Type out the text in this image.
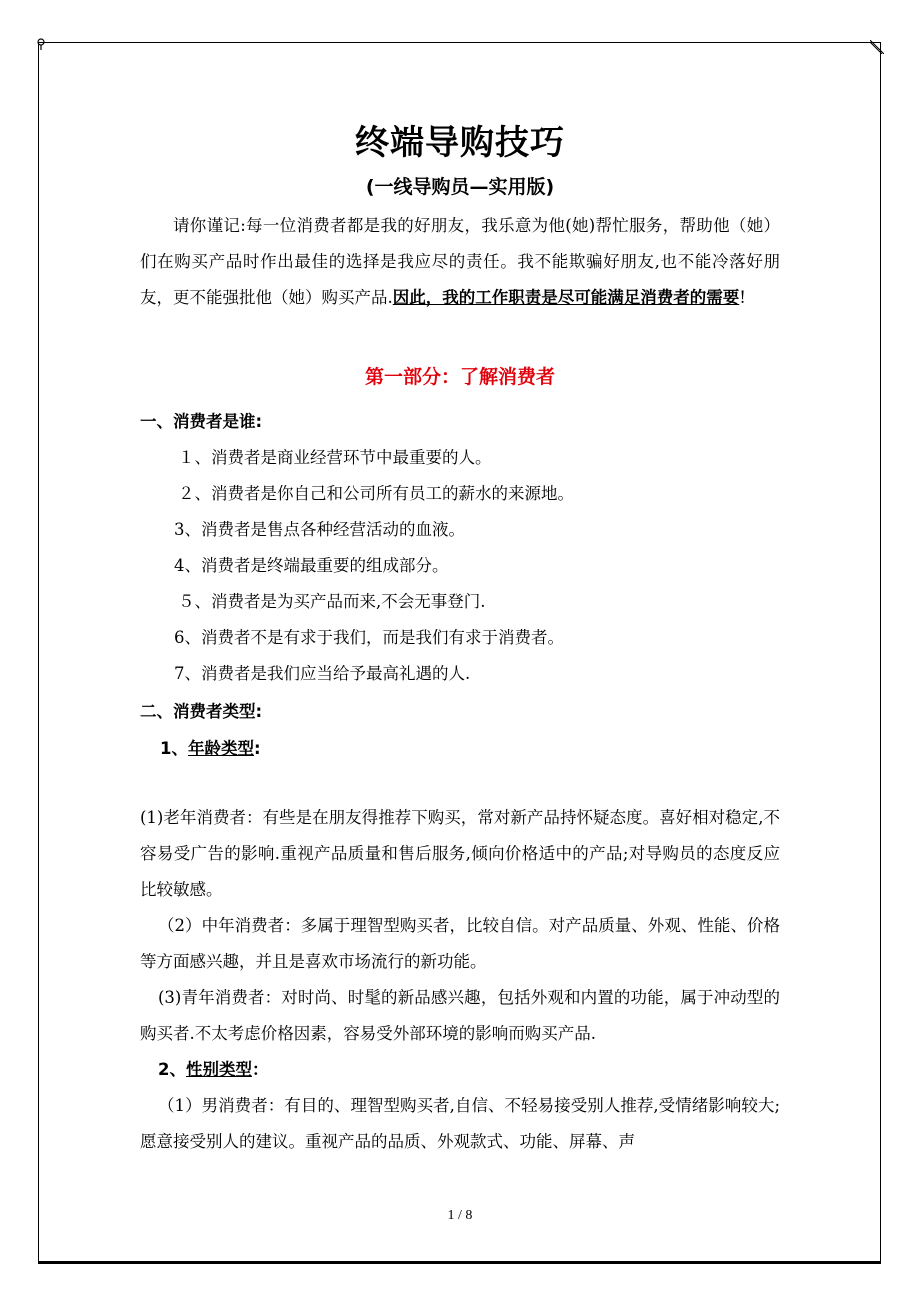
终端导购技巧
(一线导购员—实用版)
请你谨记:每一位消费者都是我的好朋友，我乐意为他(她)帮忙服务，帮助他（她）们在购买产品时作出最佳的选择是我应尽的责任。我不能欺骗好朋友,也不能冷落好朋友，更不能强批他（她）购买产品.因此，我的工作职责是尽可能满足消费者的需要!
第一部分：了解消费者
一、消费者是谁:
１、消费者是商业经营环节中最重要的人。
２、消费者是你自己和公司所有员工的薪水的来源地。
3、消费者是售点各种经营活动的血液。
4、消费者是终端最重要的组成部分。
５、消费者是为买产品而来,不会无事登门.
6、消费者不是有求于我们，而是我们有求于消费者。
7、消费者是我们应当给予最高礼遇的人.
二、消费者类型:
1、年龄类型:
(1)老年消费者：有些是在朋友得推荐下购买，常对新产品持怀疑态度。喜好相对稳定,不容易受广告的影响.重视产品质量和售后服务,倾向价格适中的产品;对导购员的态度反应比较敏感。
（2）中年消费者：多属于理智型购买者，比较自信。对产品质量、外观、性能、价格等方面感兴趣，并且是喜欢市场流行的新功能。
(3)青年消费者：对时尚、时髦的新品感兴趣，包括外观和内置的功能，属于冲动型的购买者.不太考虑价格因素，容易受外部环境的影响而购买产品.
2、性别类型：
（1）男消费者：有目的、理智型购买者,自信、不轻易接受别人推荐,受情绪影响较大;愿意接受别人的建议。重视产品的品质、外观款式、功能、屏幕、声
1 / 8
